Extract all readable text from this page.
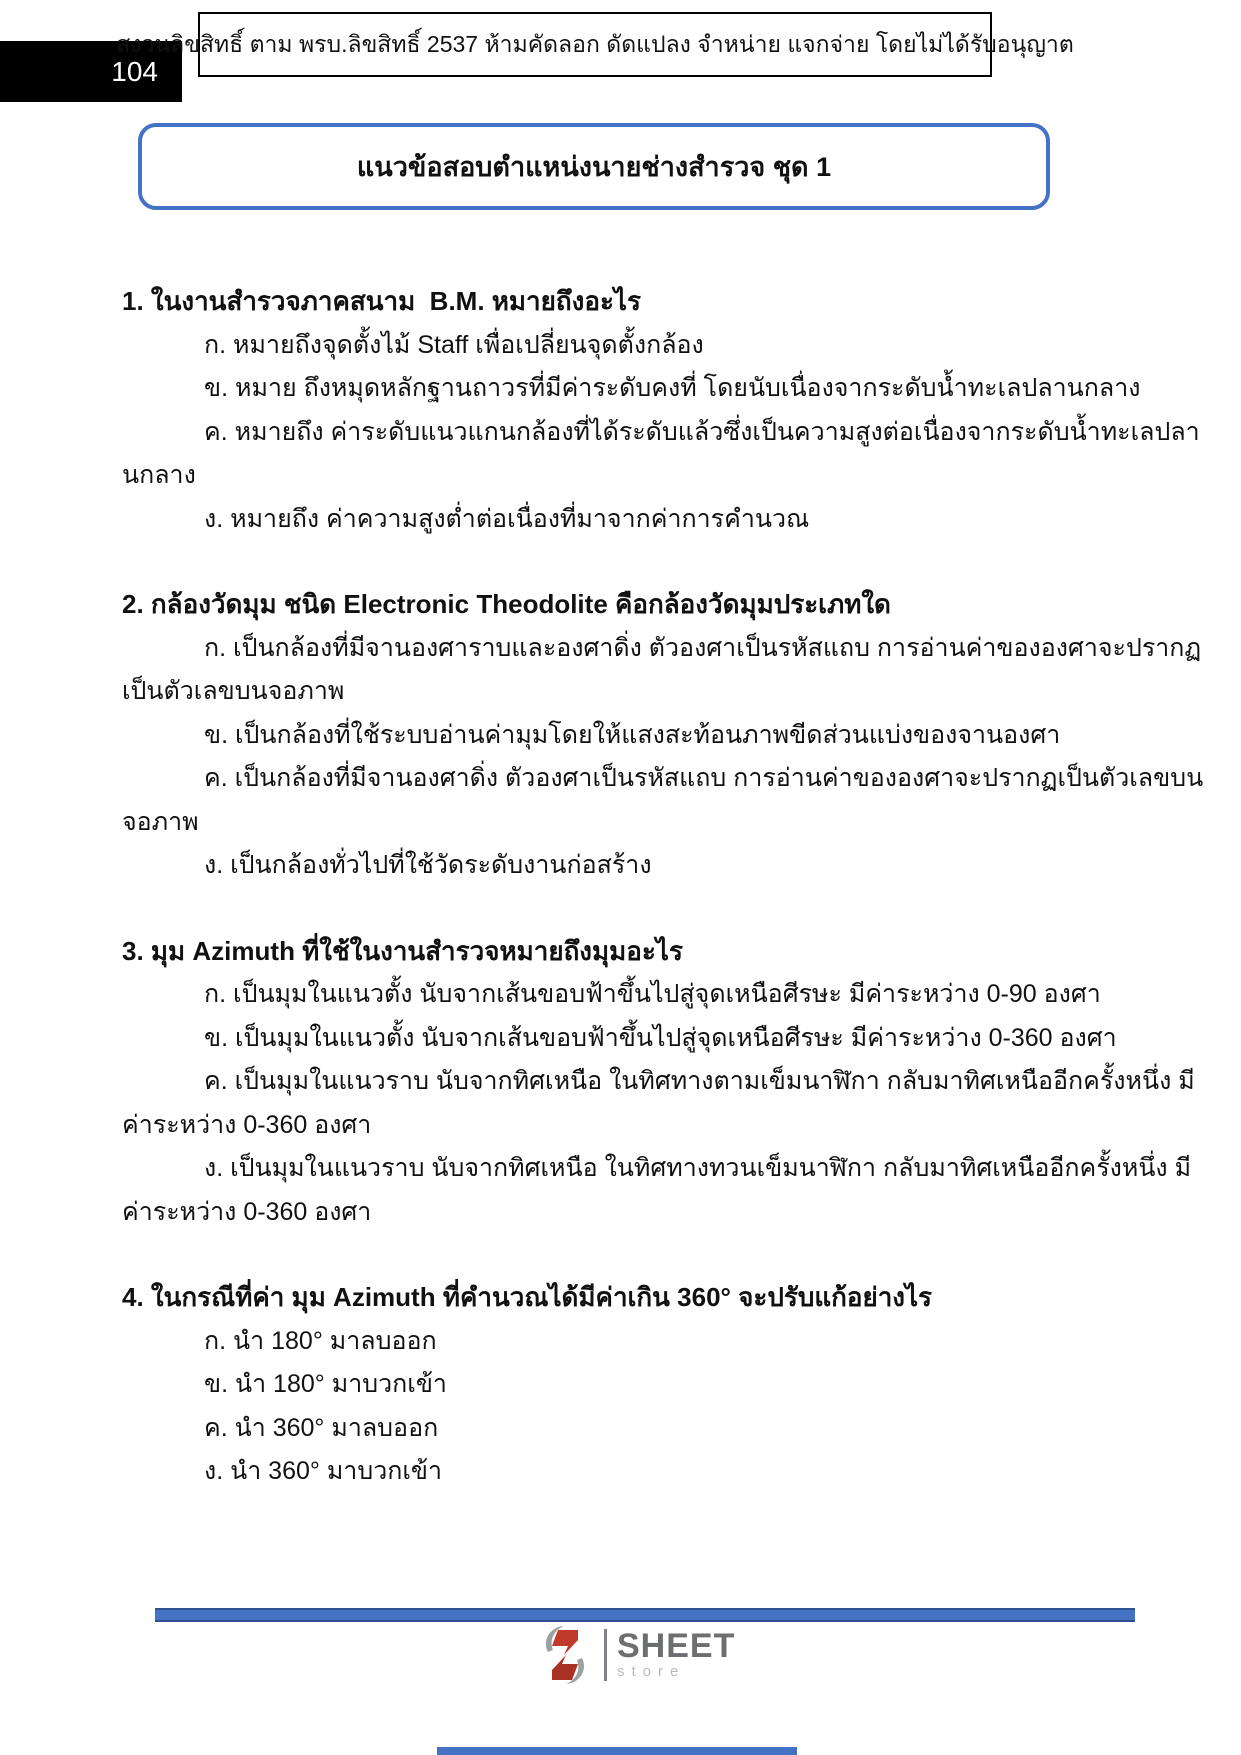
104
สงวนลิขสิทธิ์ ตาม พรบ.ลิขสิทธิ์ 2537 ห้ามคัดลอก ดัดแปลง จำหน่าย แจกจ่าย โดยไม่ได้รับอนุญาต
แนวข้อสอบตำแหน่งนายช่างสำรวจ ชุด 1
1. ในงานสำรวจภาคสนาม  B.M. หมายถึงอะไร
ก. หมายถึงจุดตั้งไม้ Staff เพื่อเปลี่ยนจุดตั้งกล้อง
ข. หมาย ถึงหมุดหลักฐานถาวรที่มีค่าระดับคงที่ โดยนับเนื่องจากระดับน้ำทะเลปลานกลาง
ค. หมายถึง ค่าระดับแนวแกนกล้องที่ได้ระดับแล้วซึ่งเป็นความสูงต่อเนื่องจากระดับน้ำทะเลปลา
นกลาง
ง. หมายถึง ค่าความสูงต่ำต่อเนื่องที่มาจากค่าการคำนวณ
2. กล้องวัดมุม ชนิด Electronic Theodolite คือกล้องวัดมุมประเภทใด
ก. เป็นกล้องที่มีจานองศาราบและองศาดิ่ง ตัวองศาเป็นรหัสแถบ การอ่านค่าขององศาจะปรากฏ
เป็นตัวเลขบนจอภาพ
ข. เป็นกล้องที่ใช้ระบบอ่านค่ามุมโดยให้แสงสะท้อนภาพขีดส่วนแบ่งของจานองศา
ค. เป็นกล้องที่มีจานองศาดิ่ง ตัวองศาเป็นรหัสแถบ การอ่านค่าขององศาจะปรากฏเป็นตัวเลขบน
จอภาพ
ง. เป็นกล้องทั่วไปที่ใช้วัดระดับงานก่อสร้าง
3. มุม Azimuth ที่ใช้ในงานสำรวจหมายถึงมุมอะไร
ก. เป็นมุมในแนวตั้ง นับจากเส้นขอบฟ้าขึ้นไปสู่จุดเหนือศีรษะ มีค่าระหว่าง 0-90 องศา
ข. เป็นมุมในแนวตั้ง นับจากเส้นขอบฟ้าขึ้นไปสู่จุดเหนือศีรษะ มีค่าระหว่าง 0-360 องศา
ค. เป็นมุมในแนวราบ นับจากทิศเหนือ ในทิศทางตามเข็มนาฬิกา กลับมาทิศเหนืออีกครั้งหนึ่ง มี
ค่าระหว่าง 0-360 องศา
ง. เป็นมุมในแนวราบ นับจากทิศเหนือ ในทิศทางทวนเข็มนาฬิกา กลับมาทิศเหนืออีกครั้งหนึ่ง มี
ค่าระหว่าง 0-360 องศา
4. ในกรณีที่ค่า มุม Azimuth ที่คำนวณได้มีค่าเกิน 360° จะปรับแก้อย่างไร
ก. นำ 180° มาลบออก
ข. นำ 180° มาบวกเข้า
ค. นำ 360° มาลบออก
ง. นำ 360° มาบวกเข้า
SHEET
store
